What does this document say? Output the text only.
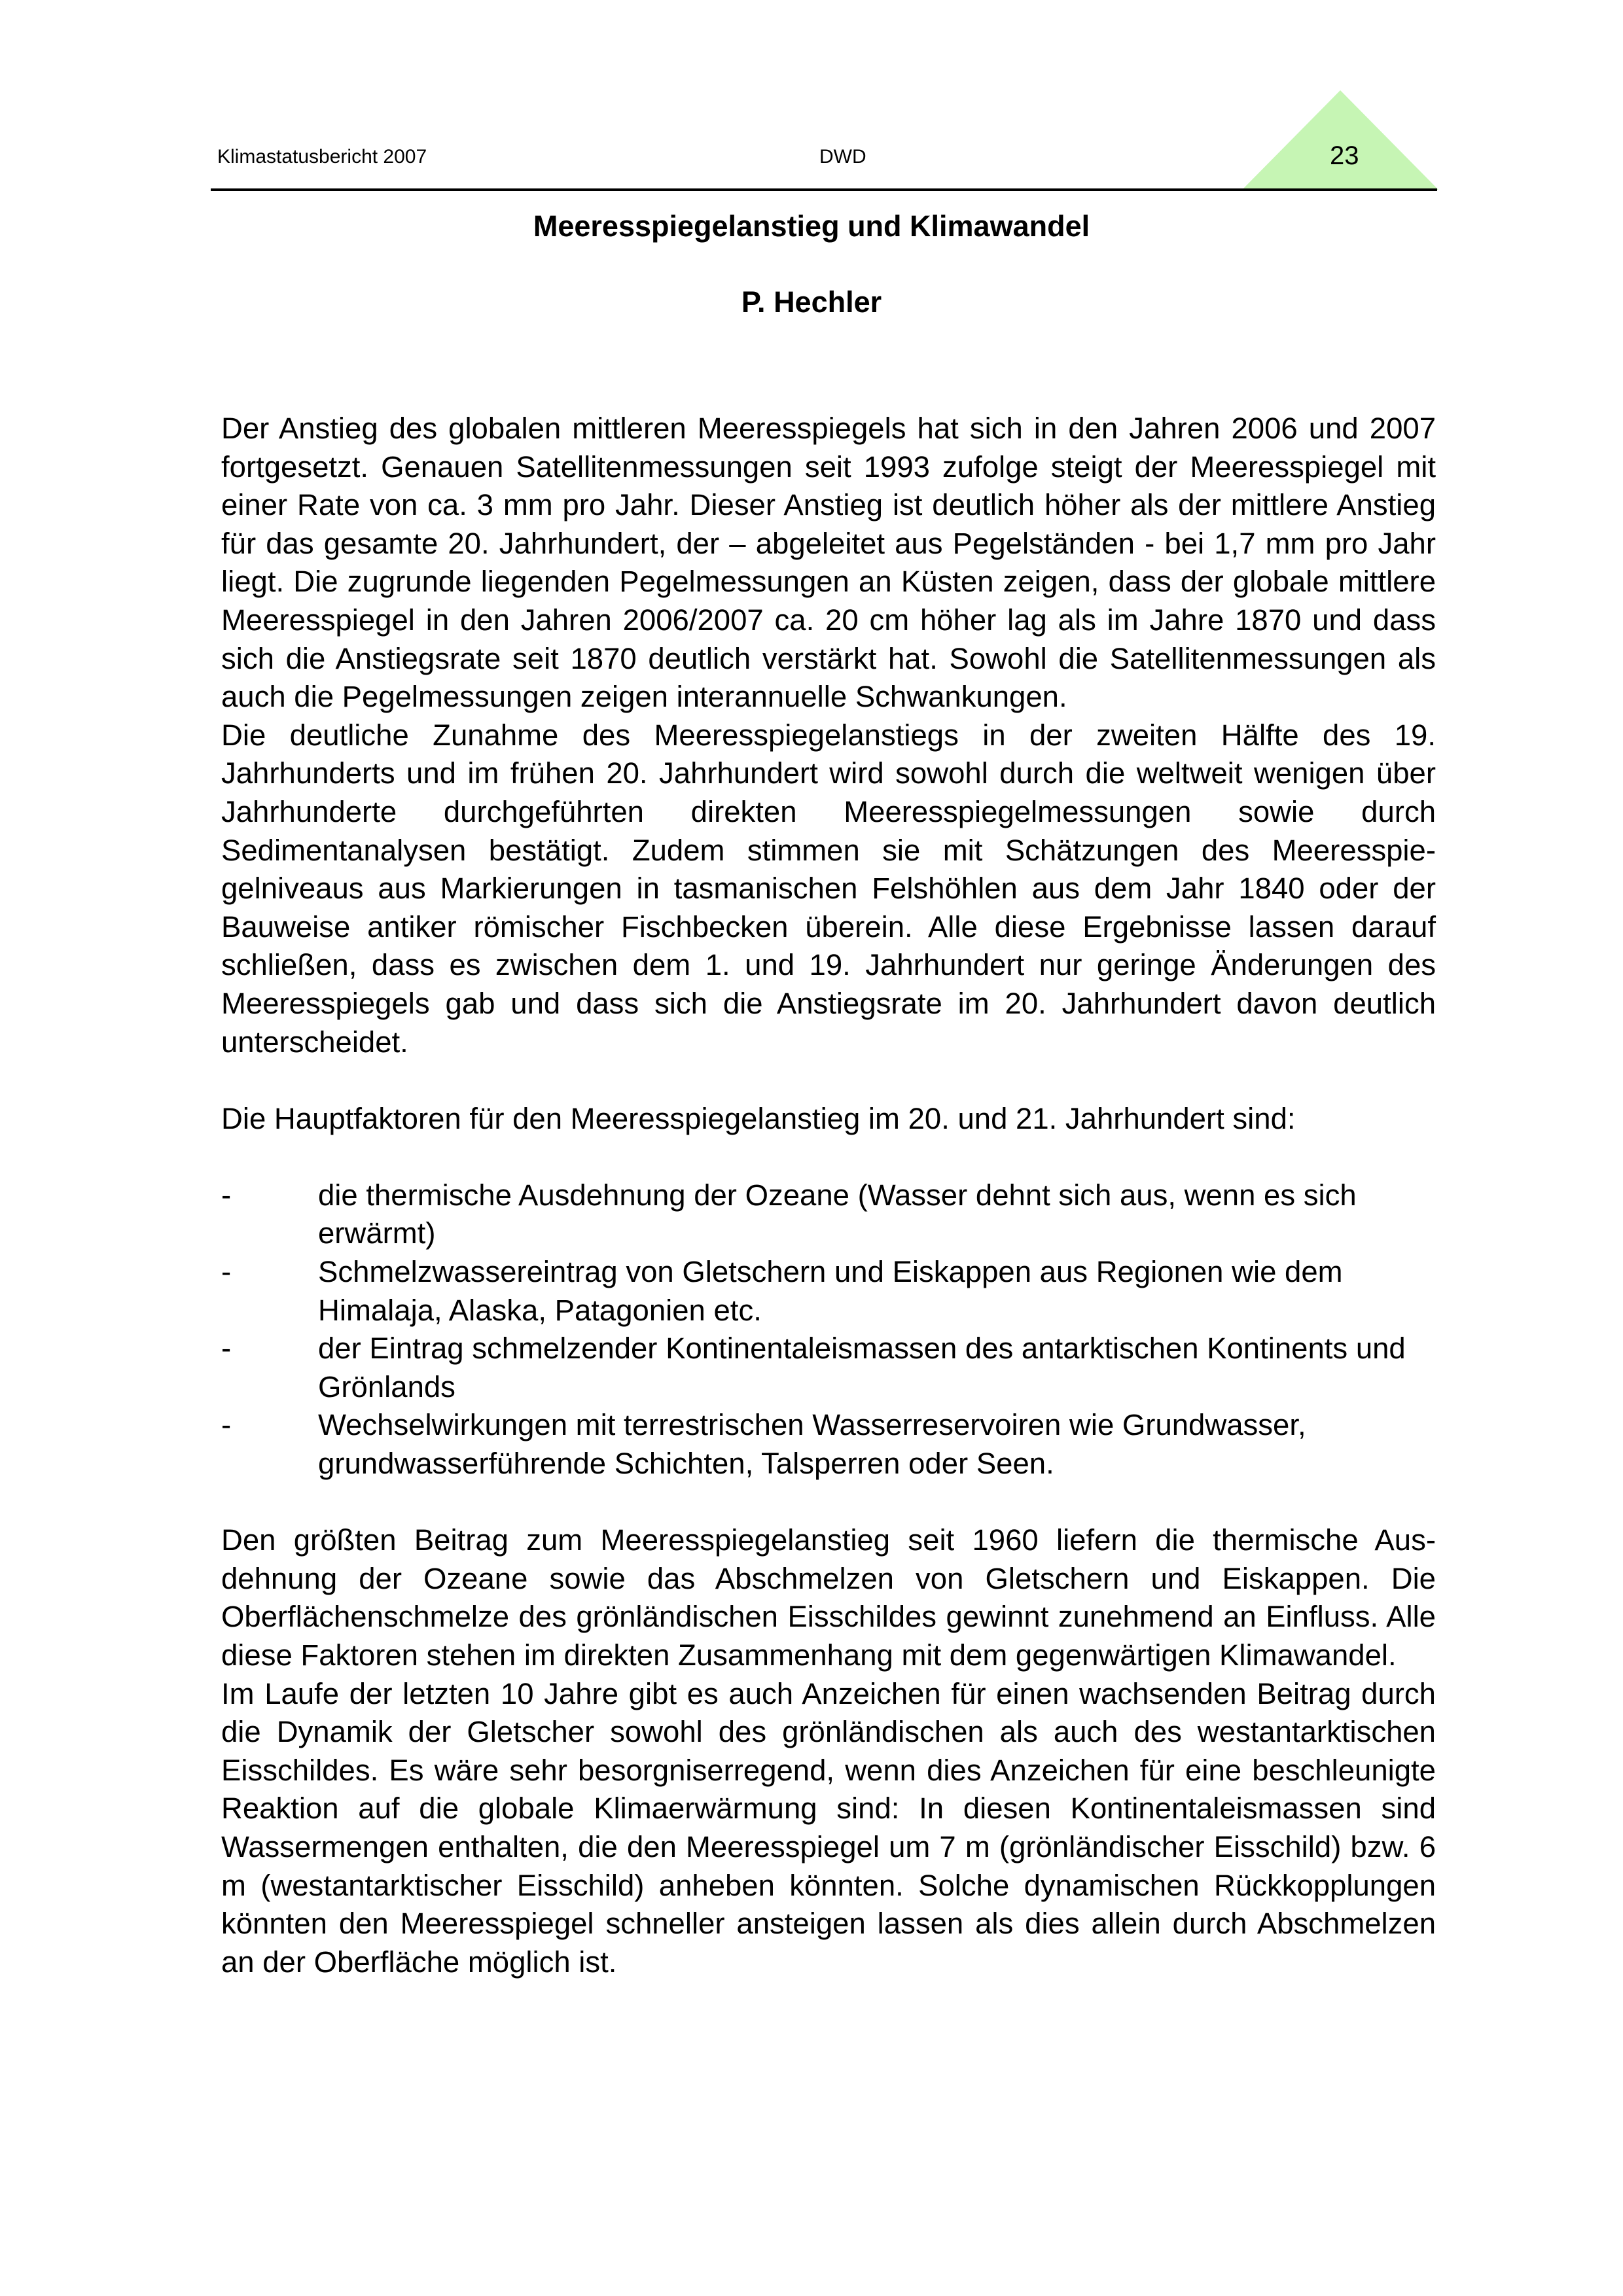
Klimastatusbericht 2007	DWD	23
Meeresspiegelanstieg und Klimawandel
P. Hechler

Der Anstieg des globalen mittleren Meeresspiegels hat sich in den Jahren 2006 und 2007 fortgesetzt. Genauen Satellitenmessungen seit 1993 zufolge steigt der Meeresspiegel mit einer Rate von ca. 3 mm pro Jahr. Dieser Anstieg ist deutlich höher als der mittlere Anstieg für das gesamte 20. Jahrhundert, der – abgeleitet aus Pegelständen - bei 1,7 mm pro Jahr liegt. Die zugrunde liegenden Pegelmessungen an Küsten zeigen, dass der globale mittlere Meeresspiegel in den Jahren 2006/2007 ca. 20 cm höher lag als im Jahre 1870 und dass sich die Anstiegsrate seit 1870 deutlich verstärkt hat. Sowohl die Satellitenmessungen als auch die Pegelmessungen zeigen interannuelle Schwankungen.

Die deutliche Zunahme des Meeresspiegelanstiegs in der zweiten Hälfte des 19. Jahrhunderts und im frühen 20. Jahrhundert wird sowohl durch die weltweit wenigen über Jahrhunderte durchgeführten direkten Meeresspiegelmessungen sowie durch Sedimentanalysen bestätigt. Zudem stimmen sie mit Schätzungen des Meeresspiegelniveaus aus Markierungen in tasmanischen Felshöhlen aus dem Jahr 1840 oder der Bauweise antiker römischer Fischbecken überein. Alle diese Ergebnisse lassen darauf schließen, dass es zwischen dem 1. und 19. Jahrhundert nur geringe Änderungen des Meeresspiegels gab und dass sich die Anstiegsrate im 20. Jahrhundert davon deutlich unterscheidet.

Die Hauptfaktoren für den Meeresspiegelanstieg im 20. und 21. Jahrhundert sind:

-	die thermische Ausdehnung der Ozeane (Wasser dehnt sich aus, wenn es sich erwärmt)
-	Schmelzwassereintrag von Gletschern und Eiskappen aus Regionen wie dem Himalaja, Alaska, Patagonien etc.
-	der Eintrag schmelzender Kontinentaleismassen des antarktischen Kontinents und Grönlands
-	Wechselwirkungen mit terrestrischen Wasserreservoiren wie Grundwasser, grundwasserführende Schichten, Talsperren oder Seen.

Den größten Beitrag zum Meeresspiegelanstieg seit 1960 liefern die thermische Ausdehnung der Ozeane sowie das Abschmelzen von Gletschern und Eiskappen. Die Oberflächenschmelze des grönländischen Eisschildes gewinnt zunehmend an Einfluss. Alle diese Faktoren stehen im direkten Zusammenhang mit dem gegenwärtigen Klimawandel.

Im Laufe der letzten 10 Jahre gibt es auch Anzeichen für einen wachsenden Beitrag durch die Dynamik der Gletscher sowohl des grönländischen als auch des westantarktischen Eisschildes. Es wäre sehr besorgniserregend, wenn dies Anzeichen für eine beschleunigte Reaktion auf die globale Klimaerwärmung sind: In diesen Kontinentaleismassen sind Wassermengen enthalten, die den Meeresspiegel um 7 m (grönländischer Eisschild) bzw. 6 m (westantarktischer Eisschild) anheben könnten. Solche dynamischen Rückkopplungen könnten den Meeresspiegel schneller ansteigen lassen als dies allein durch Abschmelzen an der Oberfläche möglich ist.
